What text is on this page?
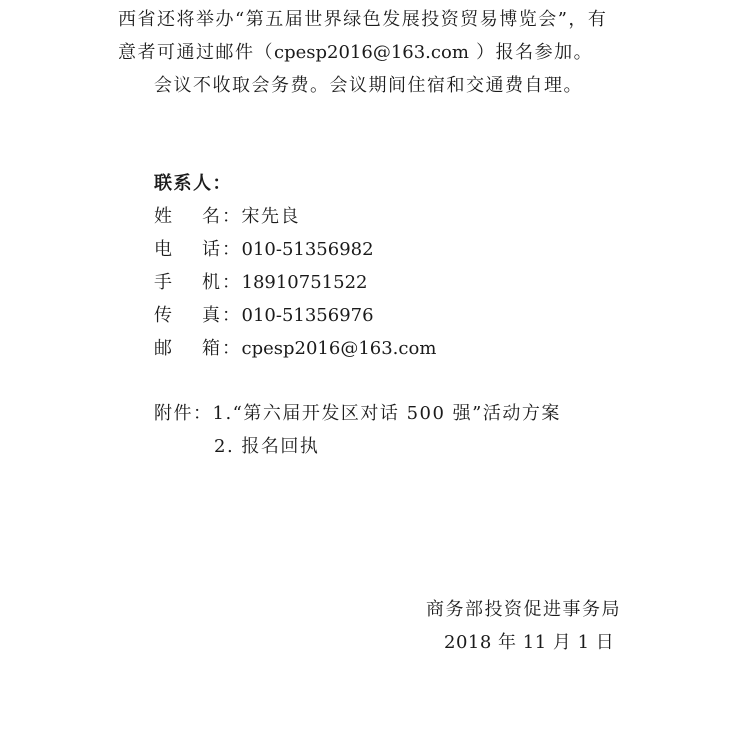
西省还将举办“第五届世界绿色发展投资贸易博览会”，有
意者可通过邮件（cpesp2016@163.com ）报名参加。
会议不收取会务费。会议期间住宿和交通费自理。
联系人：
姓 名 ：宋先良
电 话 ：010-51356982
手 机 ：18910751522
传 真 ：010-51356976
邮 箱 ：cpesp2016@163.com
附件：1.“第六届开发区对话 500 强”活动方案
2. 报名回执
商务部投资促进事务局
2018 年 11 月 1 日
